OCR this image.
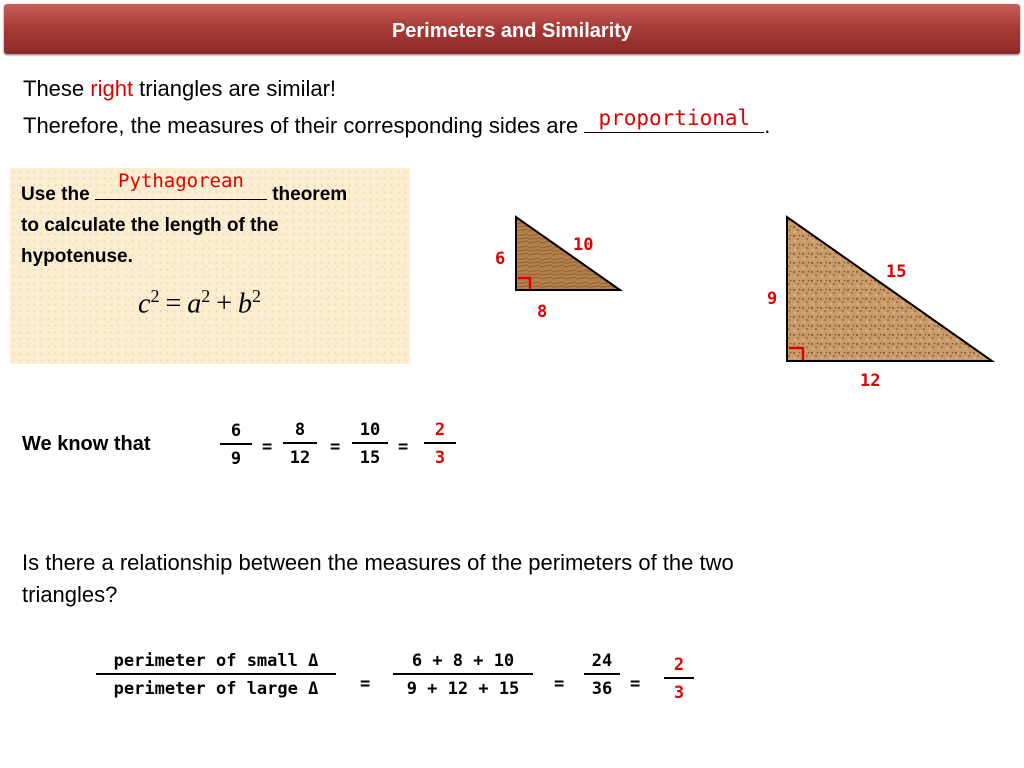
Perimeters and Similarity
These right triangles are similar!
Therefore, the measures of their corresponding sides are proportional .
Use the
Pythagorean
theorem
to calculate the length of the
hypotenuse.
$c^2 = a^2 + b^2$
6
10
8
9
15
12
We know that	$\frac{6}{9} = \frac{8}{12} = \frac{10}{15} = \frac{2}{3}$
Is there a relationship between the measures of the perimeters of the two
triangles?
perimeter of small Δ
perimeter of large Δ	= $\frac{6 + 8 + 10}{9 + 12 + 15} = \frac{24}{36} = \frac{2}{3}$
